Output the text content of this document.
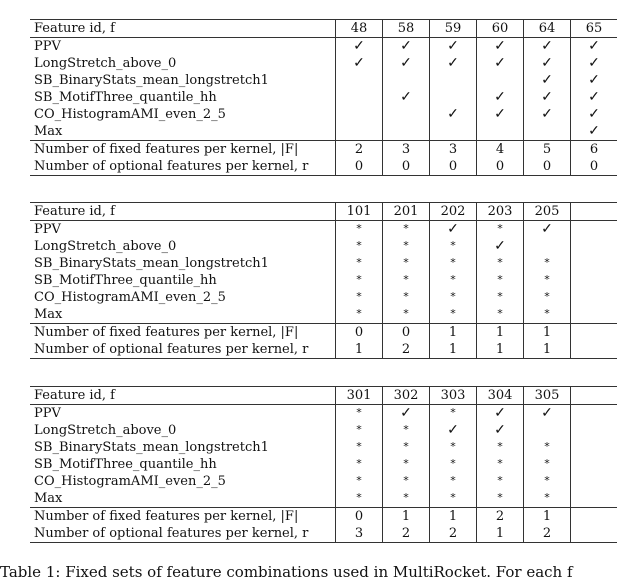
Feature id, f	48	58	59	60	64	65
PPV	✓	✓	✓	✓	✓	✓
LongStretch_above_0	✓	✓	✓	✓	✓	✓
SB_BinaryStats_mean_longstretch1					✓	✓
SB_MotifThree_quantile_hh		✓		✓	✓	✓
CO_HistogramAMI_even_2_5			✓	✓	✓	✓
Max						✓
Number of fixed features per kernel, |F|	2	3	3	4	5	6
Number of optional features per kernel, r	0	0	0	0	0	0
Feature id, f	101	201	202	203	205	
PPV	*	*	✓	*	✓	
LongStretch_above_0	*	*	*	✓		
SB_BinaryStats_mean_longstretch1	*	*	*	*	*	
SB_MotifThree_quantile_hh	*	*	*	*	*	
CO_HistogramAMI_even_2_5	*	*	*	*	*	
Max	*	*	*	*	*	
Number of fixed features per kernel, |F|	0	0	1	1	1	
Number of optional features per kernel, r	1	2	1	1	1	
Feature id, f	301	302	303	304	305	
PPV	*	✓	*	✓	✓	
LongStretch_above_0	*	*	✓	✓		
SB_BinaryStats_mean_longstretch1	*	*	*	*	*	
SB_MotifThree_quantile_hh	*	*	*	*	*	
CO_HistogramAMI_even_2_5	*	*	*	*	*	
Max	*	*	*	*	*	
Number of fixed features per kernel, |F|	0	1	1	2	1	
Number of optional features per kernel, r	3	2	2	1	2	
Table 1: Fixed sets of feature combinations used in MultiRocket. For each f
